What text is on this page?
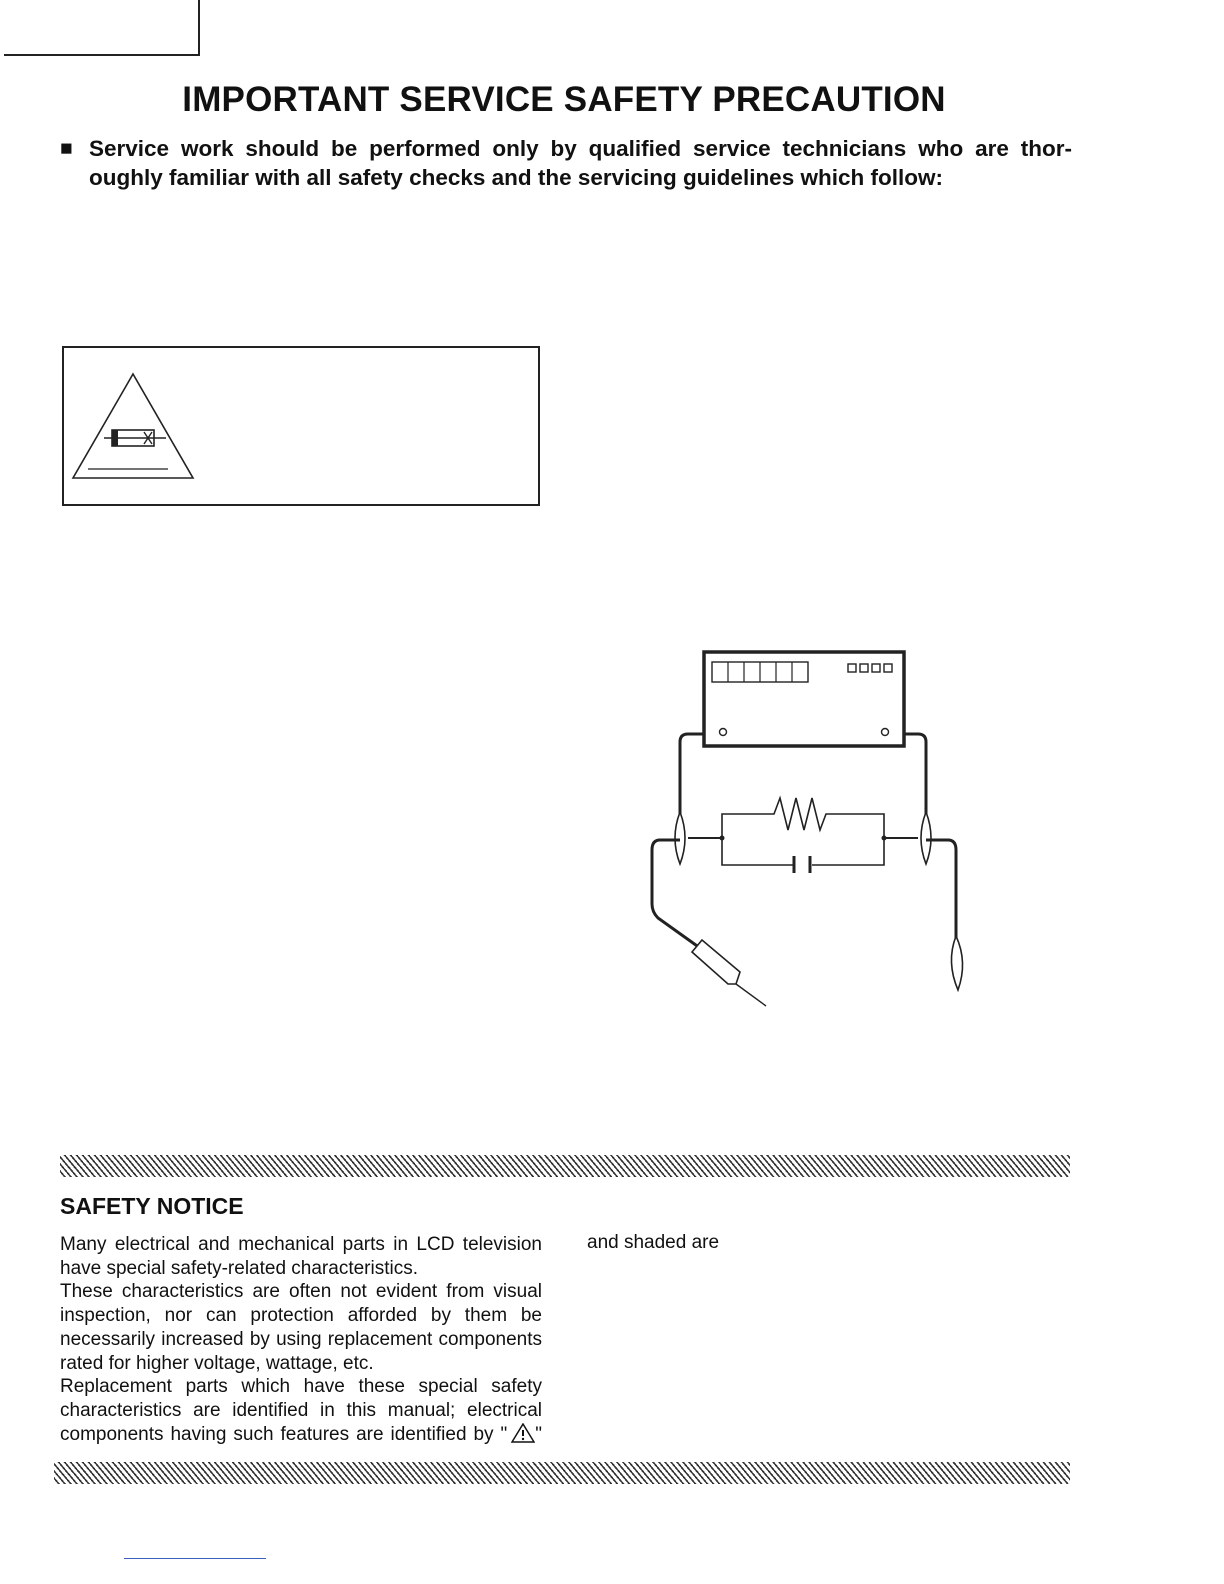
IMPORTANT SERVICE SAFETY PRECAUTION
■ Service work should be performed only by qualified service technicians who are thor-oughly familiar with all safety checks and the servicing guidelines which follow:
SAFETY NOTICE

Many electrical and mechanical parts in LCD television have special safety-related characteristics.

These characteristics are often not evident from visual inspection, nor can protection afforded by them be necessarily increased by using replacement components rated for higher voltage, wattage, etc.

Replacement parts which have these special safety characteristics are identified in this manual; electrical components having such features are identified by " "

and shaded are
